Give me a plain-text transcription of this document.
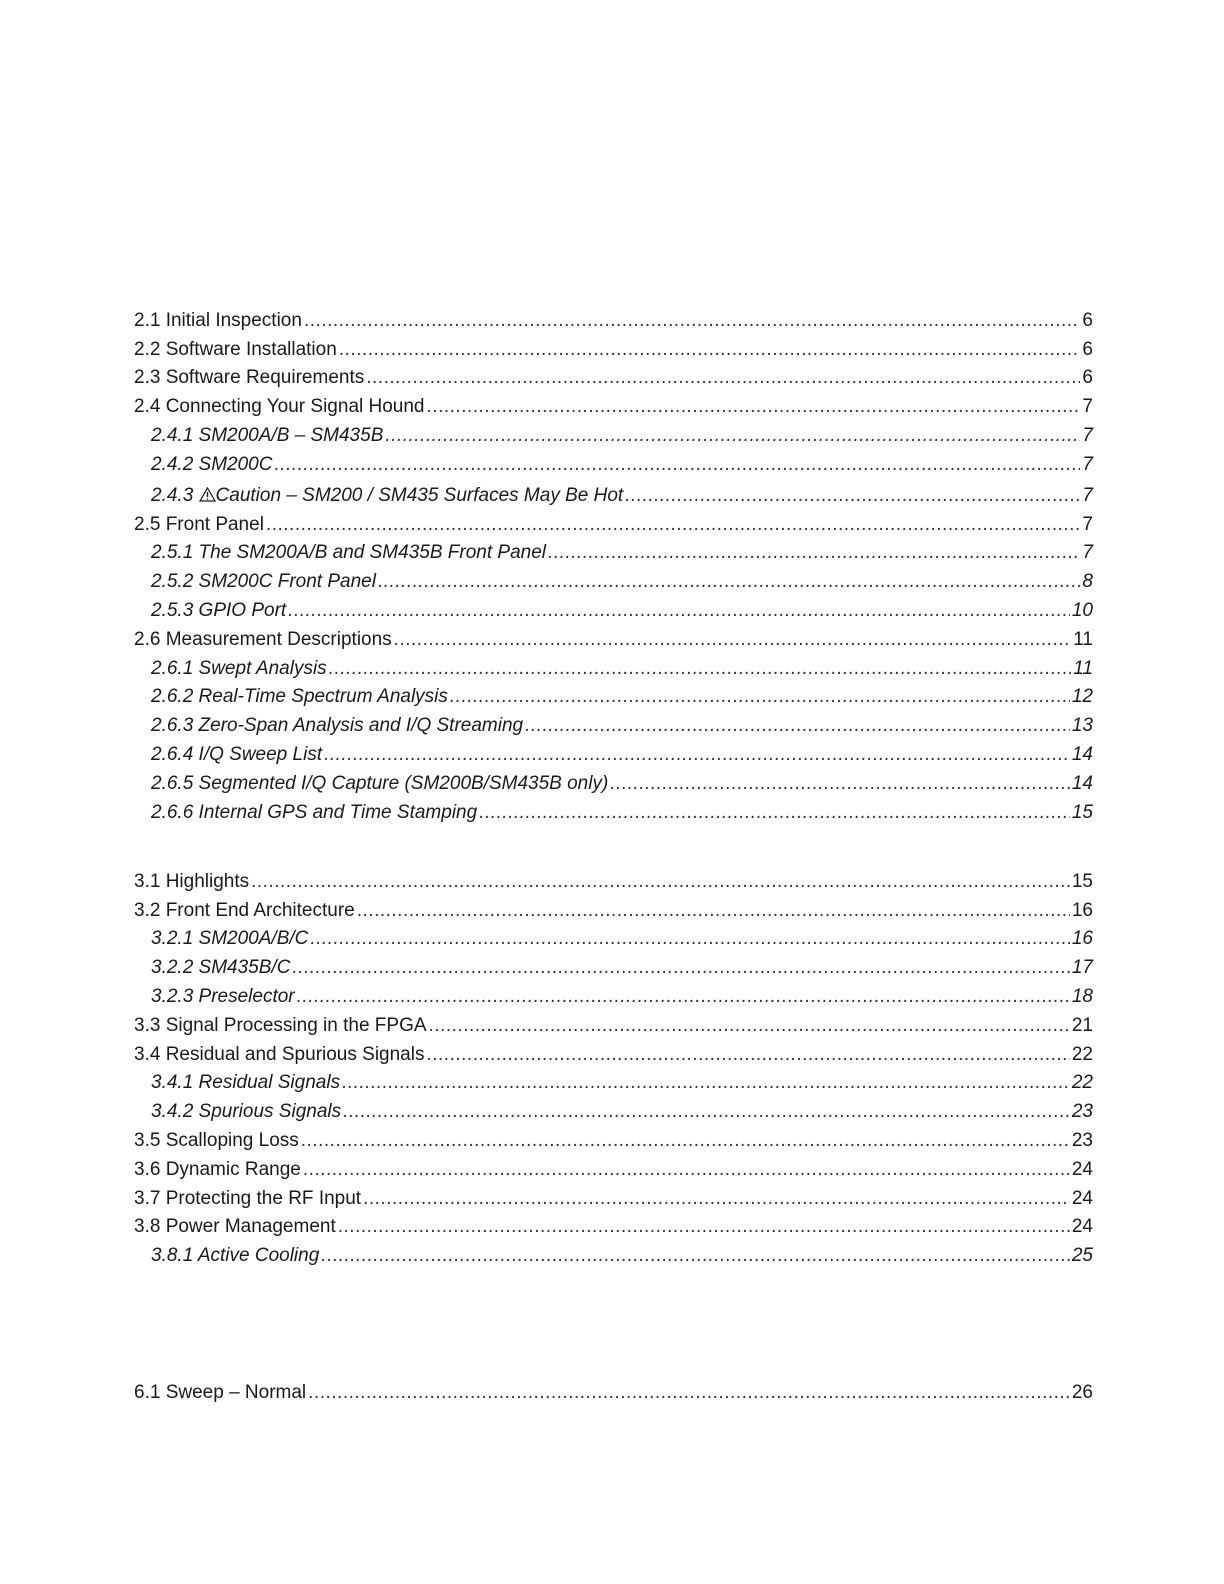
2.1 Initial Inspection .....	6
2.2 Software Installation .....	6
2.3 Software Requirements .....	6
2.4 Connecting Your Signal Hound .....	7
2.4.1 SM200A/B – SM435B .....	7
2.4.2 SM200C .....	7
2.4.3 Caution – SM200 / SM435 Surfaces May Be Hot .....	7
2.5 Front Panel .....	7
2.5.1 The SM200A/B and SM435B Front Panel .....	7
2.5.2 SM200C Front Panel .....	8
2.5.3 GPIO Port .....	10
2.6 Measurement Descriptions .....	11
2.6.1 Swept Analysis .....	11
2.6.2 Real-Time Spectrum Analysis .....	12
2.6.3 Zero-Span Analysis and I/Q Streaming .....	13
2.6.4 I/Q Sweep List .....	14
2.6.5 Segmented I/Q Capture (SM200B/SM435B only) .....	14
2.6.6 Internal GPS and Time Stamping .....	15
3.1 Highlights .....	15
3.2 Front End Architecture .....	16
3.2.1 SM200A/B/C .....	16
3.2.2 SM435B/C .....	17
3.2.3 Preselector .....	18
3.3 Signal Processing in the FPGA .....	21
3.4 Residual and Spurious Signals .....	22
3.4.1 Residual Signals .....	22
3.4.2 Spurious Signals .....	23
3.5 Scalloping Loss .....	23
3.6 Dynamic Range .....	24
3.7 Protecting the RF Input .....	24
3.8 Power Management .....	24
3.8.1 Active Cooling .....	25
6.1 Sweep – Normal .....	26
